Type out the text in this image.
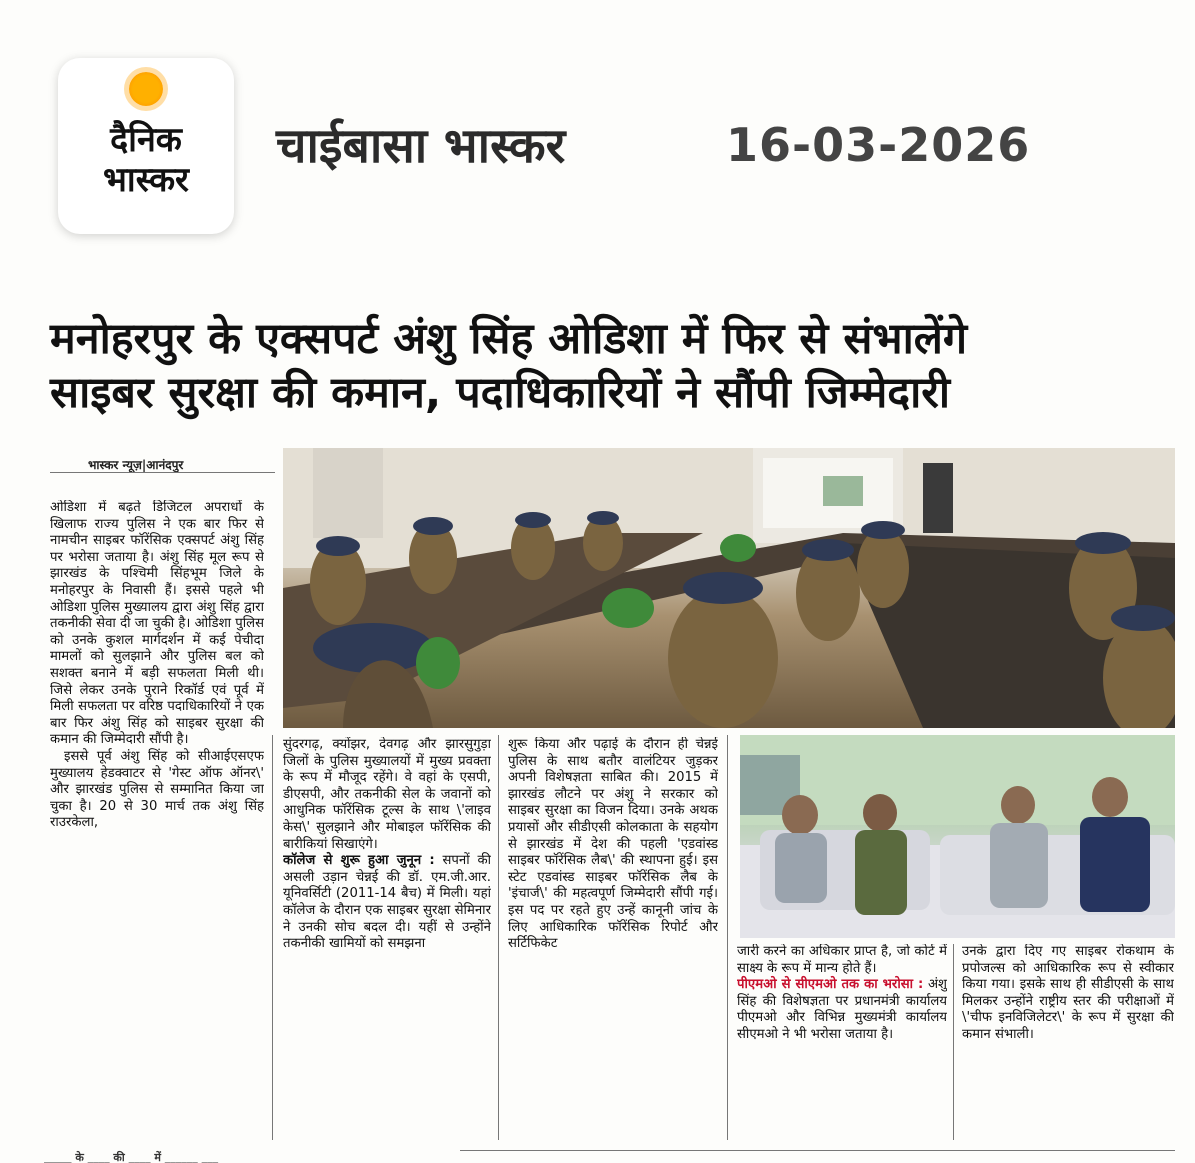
दैनिक
भास्कर
चाईबासा भास्कर	16-03-2026
मनोहरपुर के एक्सपर्ट अंशु सिंह ओडिशा में फिर से संभालेंगे
साइबर सुरक्षा की कमान, पदाधिकारियों ने सौंपी जिम्मेदारी
भास्कर न्यूज़|आनंदपुर

ओडिशा में बढ़ते डिजिटल अपराधों के खिलाफ राज्य पुलिस ने एक बार फिर से नामचीन साइबर फॉरेंसिक एक्सपर्ट अंशु सिंह पर भरोसा जताया है। अंशु सिंह मूल रूप से झारखंड के पश्चिमी सिंहभूम जिले के मनोहरपुर के निवासी हैं। इससे पहले भी ओडिशा पुलिस मुख्यालय द्वारा अंशु सिंह द्वारा तकनीकी सेवा दी जा चुकी है। ओडिशा पुलिस को उनके कुशल मार्गदर्शन में कई पेचीदा मामलों को सुलझाने और पुलिस बल को सशक्त बनाने में बड़ी सफलता मिली थी। जिसे लेकर उनके पुराने रिकॉर्ड एवं पूर्व में मिली सफलता पर वरिष्ठ पदाधिकारियों ने एक बार फिर अंशु सिंह को साइबर सुरक्षा की कमान की जिम्मेदारी सौंपी है।

इससे पूर्व अंशु सिंह को सीआईएसएफ मुख्यालय हेडक्वाटर से 'गेस्ट ऑफ ऑनर\' और झारखंड पुलिस से सम्मानित किया जा चुका है। 20 से 30 मार्च तक अंशु सिंह राउरकेला,

सुंदरगढ़, क्योंझर, देवगढ़ और झारसुगुड़ा जिलों के पुलिस मुख्यालयों में मुख्य प्रवक्ता के रूप में मौजूद रहेंगे। वे वहां के एसपी, डीएसपी, और तकनीकी सेल के जवानों को आधुनिक फॉरेंसिक टूल्स के साथ \'लाइव केस\' सुलझाने और मोबाइल फॉरेंसिक की बारीकियां सिखाएंगे।

कॉलेज से शुरू हुआ जुनून : सपनों की असली उड़ान चेन्नई की डॉ. एम.जी.आर. यूनिवर्सिटी (2011-14 बैच) में मिली। यहां कॉलेज के दौरान एक साइबर सुरक्षा सेमिनार ने उनकी सोच बदल दी। यहीं से उन्होंने तकनीकी खामियों को समझना

शुरू किया और पढ़ाई के दौरान ही चेन्नई पुलिस के साथ बतौर वालंटियर जुड़कर अपनी विशेषज्ञता साबित की। 2015 में झारखंड लौटने पर अंशु ने सरकार को साइबर सुरक्षा का विजन दिया। उनके अथक प्रयासों और सीडीएसी कोलकाता के सहयोग से झारखंड में देश की पहली 'एडवांस्ड साइबर फॉरेंसिक लैब\' की स्थापना हुई। इस स्टेट एडवांस्ड साइबर फॉरेंसिक लैब के 'इंचार्ज\' की महत्वपूर्ण जिम्मेदारी सौंपी गई। इस पद पर रहते हुए उन्हें कानूनी जांच के लिए आधिकारिक फॉरेंसिक रिपोर्ट और सर्टिफिकेट

जारी करने का अधिकार प्राप्त है, जो कोर्ट में साक्ष्य के रूप में मान्य होते हैं।

पीएमओ से सीएमओ तक का भरोसा : अंशु सिंह की विशेषज्ञता पर प्रधानमंत्री कार्यालय पीएमओ और विभिन्न मुख्यमंत्री कार्यालय सीएमओ ने भी भरोसा जताया है।

उनके द्वारा दिए गए साइबर रोकथाम के प्रपोजल्स को आधिकारिक रूप से स्वीकार किया गया। इसके साथ ही सीडीएसी के साथ मिलकर उन्होंने राष्ट्रीय स्तर की परीक्षाओं में \'चीफ इनविजिलेटर\' के रूप में सुरक्षा की कमान संभाली।

_____ के ____ की ____ में ______ ___
